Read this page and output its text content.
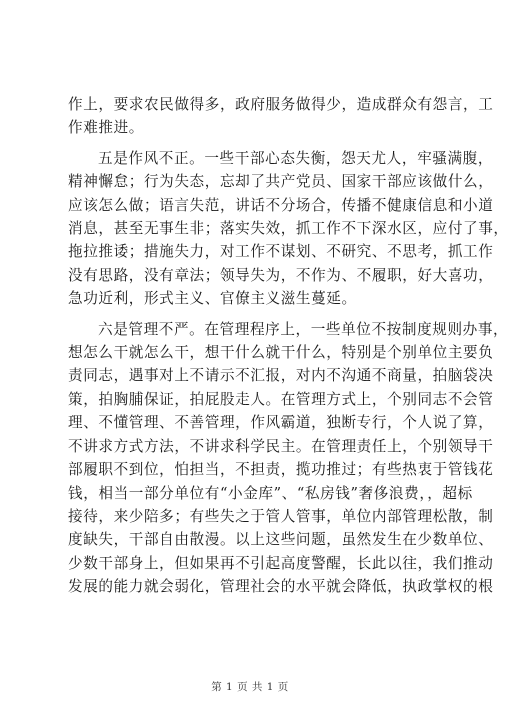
作上，要求农民做得多，政府服务做得少，造成群众有怨言，工
作难推进。

五是作风不正。一些干部心态失衡，怨天尤人，牢骚满腹，
精神懈怠；行为失态，忘却了共产党员、国家干部应该做什么，
应该怎么做；语言失范，讲话不分场合，传播不健康信息和小道
消息，甚至无事生非；落实失效，抓工作不下深水区，应付了事，
拖拉推诿；措施失力，对工作不谋划、不研究、不思考，抓工作
没有思路，没有章法；领导失为，不作为、不履职，好大喜功，
急功近利，形式主义、官僚主义滋生蔓延。

六是管理不严。在管理程序上，一些单位不按制度规则办事，
想怎么干就怎么干，想干什么就干什么，特别是个别单位主要负
责同志，遇事对上不请示不汇报，对内不沟通不商量，拍脑袋决
策，拍胸脯保证，拍屁股走人。在管理方式上，个别同志不会管
理、不懂管理、不善管理，作风霸道，独断专行，个人说了算，
不讲求方式方法，不讲求科学民主。在管理责任上，个别领导干
部履职不到位，怕担当，不担责，揽功推过；有些热衷于管钱花
钱，相当一部分单位有“小金库”、“私房钱”奢侈浪费，，超标
接待，来少陪多；有些失之于管人管事，单位内部管理松散，制
度缺失，干部自由散漫。以上这些问题，虽然发生在少数单位、
少数干部身上，但如果再不引起高度警醒，长此以往，我们推动
发展的能力就会弱化，管理社会的水平就会降低，执政掌权的根

第 1 页 共 1 页
